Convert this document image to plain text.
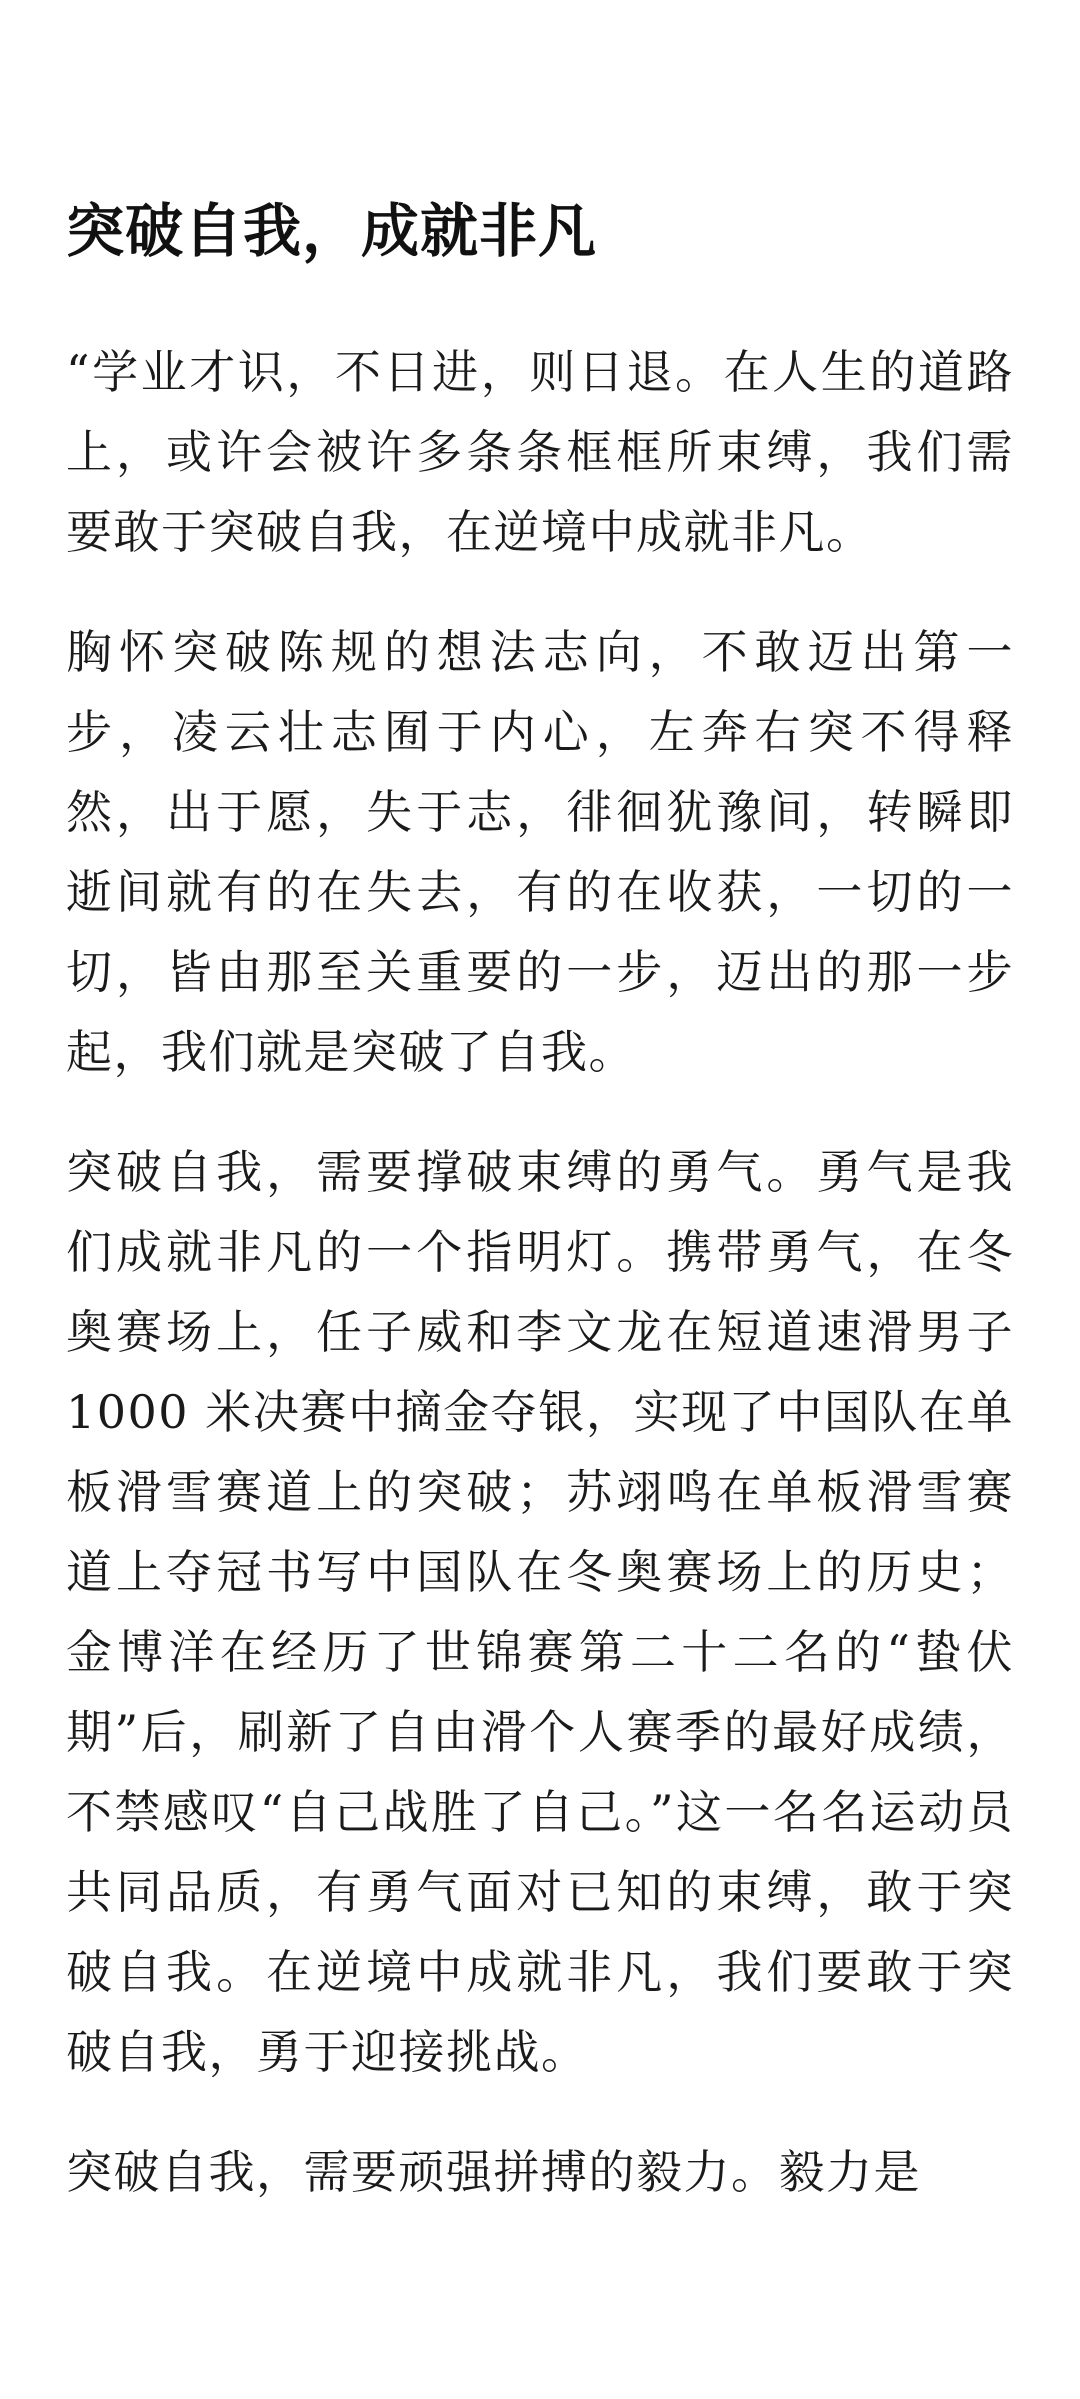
突破自我，成就非凡

“学业才识，不日进，则日退。在人生的道路上，或许会被许多条条框框所束缚，我们需要敢于突破自我，在逆境中成就非凡。

胸怀突破陈规的想法志向，不敢迈出第一步，凌云壮志囿于内心，左奔右突不得释然，出于愿，失于志，徘徊犹豫间，转瞬即逝间就有的在失去，有的在收获，一切的一切，皆由那至关重要的一步，迈出的那一步起，我们就是突破了自我。

突破自我，需要撑破束缚的勇气。勇气是我们成就非凡的一个指明灯。携带勇气，在冬奥赛场上，任子威和李文龙在短道速滑男子 1000 米决赛中摘金夺银，实现了中国队在单板滑雪赛道上的突破；苏翊鸣在单板滑雪赛道上夺冠书写中国队在冬奥赛场上的历史；金博洋在经历了世锦赛第二十二名的“蛰伏期”后，刷新了自由滑个人赛季的最好成绩，不禁感叹“自己战胜了自己。”这一名名运动员共同品质，有勇气面对已知的束缚，敢于突破自我。在逆境中成就非凡，我们要敢于突破自我，勇于迎接挑战。

突破自我，需要顽强拼搏的毅力。毅力是
